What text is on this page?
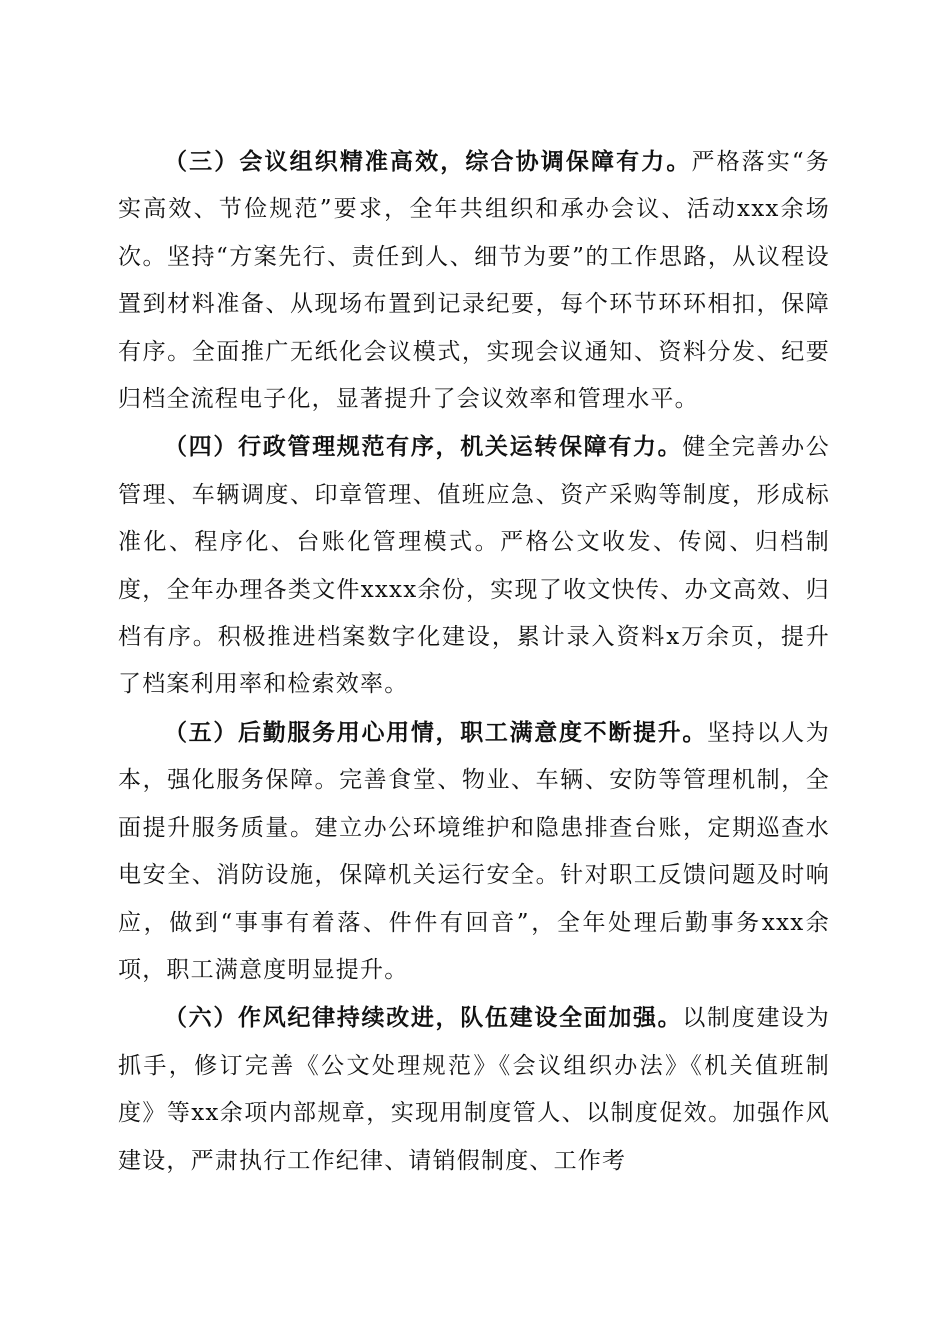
（三）会议组织精准高效，综合协调保障有力。严格落实“务实高效、节俭规范”要求，全年共组织和承办会议、活动xxx余场次。坚持“方案先行、责任到人、细节为要”的工作思路，从议程设置到材料准备、从现场布置到记录纪要，每个环节环环相扣，保障有序。全面推广无纸化会议模式，实现会议通知、资料分发、纪要归档全流程电子化，显著提升了会议效率和管理水平。

（四）行政管理规范有序，机关运转保障有力。健全完善办公管理、车辆调度、印章管理、值班应急、资产采购等制度，形成标准化、程序化、台账化管理模式。严格公文收发、传阅、归档制度，全年办理各类文件xxxx余份，实现了收文快传、办文高效、归档有序。积极推进档案数字化建设，累计录入资料x万余页，提升了档案利用率和检索效率。

（五）后勤服务用心用情，职工满意度不断提升。坚持以人为本，强化服务保障。完善食堂、物业、车辆、安防等管理机制，全面提升服务质量。建立办公环境维护和隐患排查台账，定期巡查水电安全、消防设施，保障机关运行安全。针对职工反馈问题及时响应，做到“事事有着落、件件有回音”，全年处理后勤事务xxx余项，职工满意度明显提升。

（六）作风纪律持续改进，队伍建设全面加强。以制度建设为抓手，修订完善《公文处理规范》《会议组织办法》《机关值班制度》等xx余项内部规章，实现用制度管人、以制度促效。加强作风建设，严肃执行工作纪律、请销假制度、工作考
